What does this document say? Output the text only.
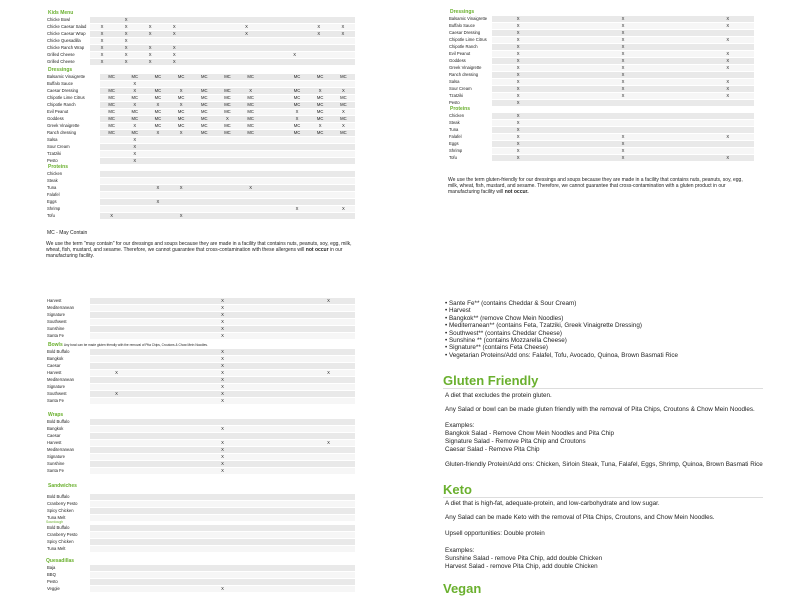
Kids Menu
Chicke Bowl		X									
Chicke Caesar Salad	X	X	X	X			X			X	X
Chicke Caesar Wrap	X	X	X	X			X			X	X
Chicke Quesadilla	X	X									
Chicke Ranch Wrap	X	X	X	X							
Grilled Cheese	X	X	X	X					X		
Grilled Cheese	X	X	X	X							
Dressings
Balsamic Vinaigrette	MC	MC	MC	MC	MC	MC	MC		MC	MC	MC
Buffalo Sauce		X									
Caesar Dressing	MC	X	MC	X	MC	MC	X		MC	X	X
Chipotle Lime Citrus	MC	MC	MC	MC	MC	MC	MC		MC	MC	MC
Chipotle Ranch	MC	X	X	X	MC	MC	MC		MC	MC	MC
Evil Peanut	MC	MC	MC	MC	MC	MC	MC		X	MC	X
Goddess	MC	MC	MC	MC	MC	X	MC		X	MC	MC
Greek Vinaigrette	MC	X	MC	MC	MC	MC	MC		MC	X	X
Ranch dressing	MC	MC	X	X	MC	MC	MC		MC	MC	MC
Salsa		X									
Sour Cream		X									
Tzatziki		X									
Pesto		X									
Proteins
Chicken											
Steak											
Tuna			X	X			X				
Falafel											
Eggs			X								
Shrimp									X		X
Tofu	X			X							
MC - May Contain
We use the term "may contain" for our dressings and soups because they are made in a facility that contains nuts, peanuts, soy, egg, milk, wheat, fish, mustard, and sesame. Therefore, we cannot guarantee that cross-contamination with these allergens will not occur in our manufacturing facility.
Dressings
Balsamic Vinaigrette	X		X		X
Buffalo Sauce	X		X		X
Caesar Dressing	X		X		
Chipotle Lime Citrus	X		X		X
Chipotle Ranch	X		X		
Evil Peanut	X		X		X
Goddess	X		X		X
Greek Vinaigrette	X		X		X
Ranch dressing	X		X		
Salsa	X		X		X
Sour Cream	X		X		X
Tzatziki	X		X		X
Pesto	X				
Proteins
Chicken	X				
Steak	X				
Tuna	X				
Falafel	X		X		X
Eggs	X		X		
Shrimp	X		X		
Tofu	X		X		X
We use the term gluten-friendly for our dressings and soups because they are made in a facility that contains nuts, peanuts, soy, egg, milk, wheat, fish, mustard, and sesame. Therefore, we cannot guarantee that cross-contamination with a gluten product in our manufacturing facility will not occur.
Harvest			X		X
Mediterranean			X		
Signature			X		
Southwest			X		
Sunshine			X		
Santa Fe			X		
Bowls Any bowl can be made gluten friendly with the removal of Pita Chips, Croutons & Chow Mein Noodles.
Bold Buffalo			X		
Bangkok			X		
Caesar			X		
Harvest	X		X		X
Mediterranean			X		
Signature			X		
Southwest	X		X		
Santa Fe			X		
Wraps
Bold Buffalo					
Bangkok			X		
Caesar					
Harvest			X		X
Mediterranean			X		
Signature			X		
Sunshine			X		
Santa Fe			X		
Sandwiches
Bold Buffalo					
Cranberry Pesto					
Spicy Chicken					
Tuna Melt					
Sourdough
Bold Buffalo					
Cranberry Pesto					
Spicy Chicken					
Tuna Melt					
Quesadillas
Baja					
BBQ					
Pesto					
Veggie			X		
• Sante Fe** (contains Cheddar & Sour Cream)
• Harvest
• Bangkok** (remove Chow Mein Noodles)
• Mediterranean** (contains Feta, Tzatziki, Greek Vinaigrette Dressing)
• Southwest** (contains Cheddar Cheese)
• Sunshine ** (contains Mozzarella Cheese)
• Signature** (contains Feta Cheese)
• Vegetarian Proteins/Add ons: Falafel, Tofu, Avocado, Quinoa, Brown Basmati Rice
Gluten Friendly
A diet that excludes the protein gluten.
Any Salad or bowl can be made gluten friendly with the removal of Pita Chips, Croutons & Chow Mein Noodles.
Examples:
Bangkok Salad - Remove Chow Mein Noodles and Pita Chip
Signature Salad - Remove Pita Chip and Croutons
Caesar Salad - Remove Pita Chip
Gluten-friendly Protein/Add ons: Chicken, Sirloin Steak, Tuna, Falafel, Eggs, Shrimp, Quinoa, Brown Basmati Rice
Keto
A diet that is high-fat, adequate-protein, and low-carbohydrate and low sugar.
Any Salad can be made Keto with the removal of Pita Chips, Croutons, and Chow Mein Noodles.
Upsell opportunities: Double protein
Examples:
Sunshine Salad - remove Pita Chip, add double Chicken
Harvest Salad - remove Pita Chip, add double Chicken
Vegan
